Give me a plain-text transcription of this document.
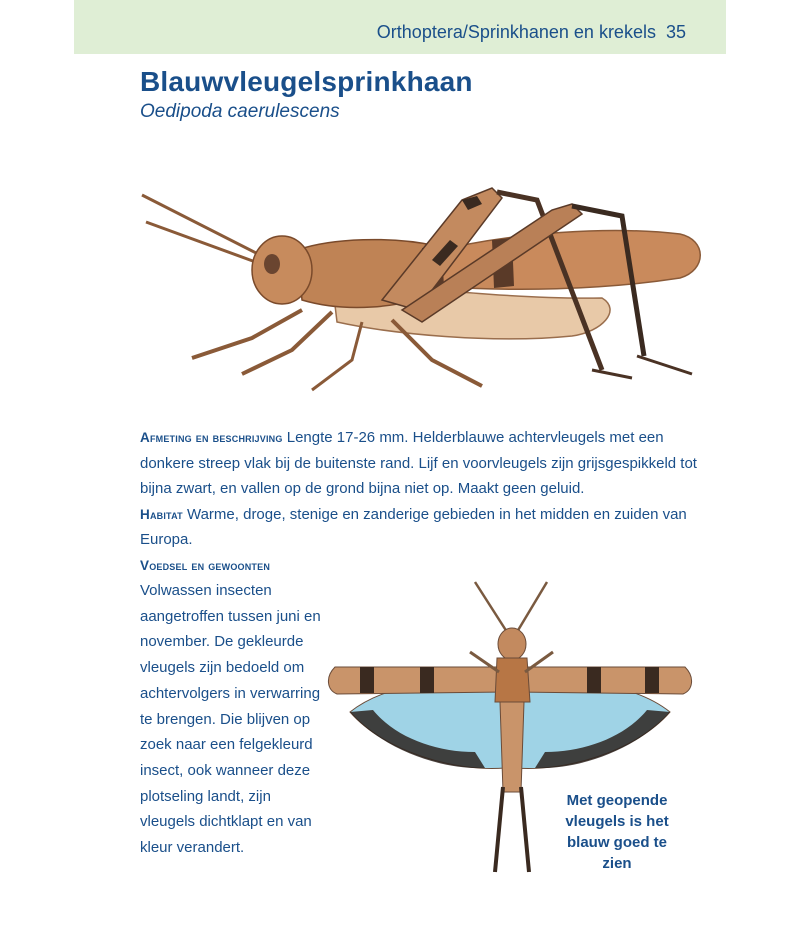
Orthoptera/Sprinkhanen en krekels 35
Blauwvleugelsprinkhaan
Oedipoda caerulescens
Afmeting en beschrijving Lengte 17-26 mm. Helderblauwe achtervleugels met een donkere streep vlak bij de buitenste rand. Lijf en voorvleugels zijn grijsgespikkeld tot bijna zwart, en vallen op de grond bijna niet op. Maakt geen geluid.
Habitat Warme, droge, stenige en zanderige gebieden in het midden en zuiden van Europa.
Voedsel en gewoonten
Volwassen insecten aangetroffen tussen juni en november. De gekleurde vleugels zijn bedoeld om achtervolgers in verwarring te brengen. Die blijven op zoek naar een felgekleurd insect, ook wanneer deze plotseling landt, zijn vleugels dichtklapt en van kleur verandert.
Met geopende vleugels is het blauw goed te zien
